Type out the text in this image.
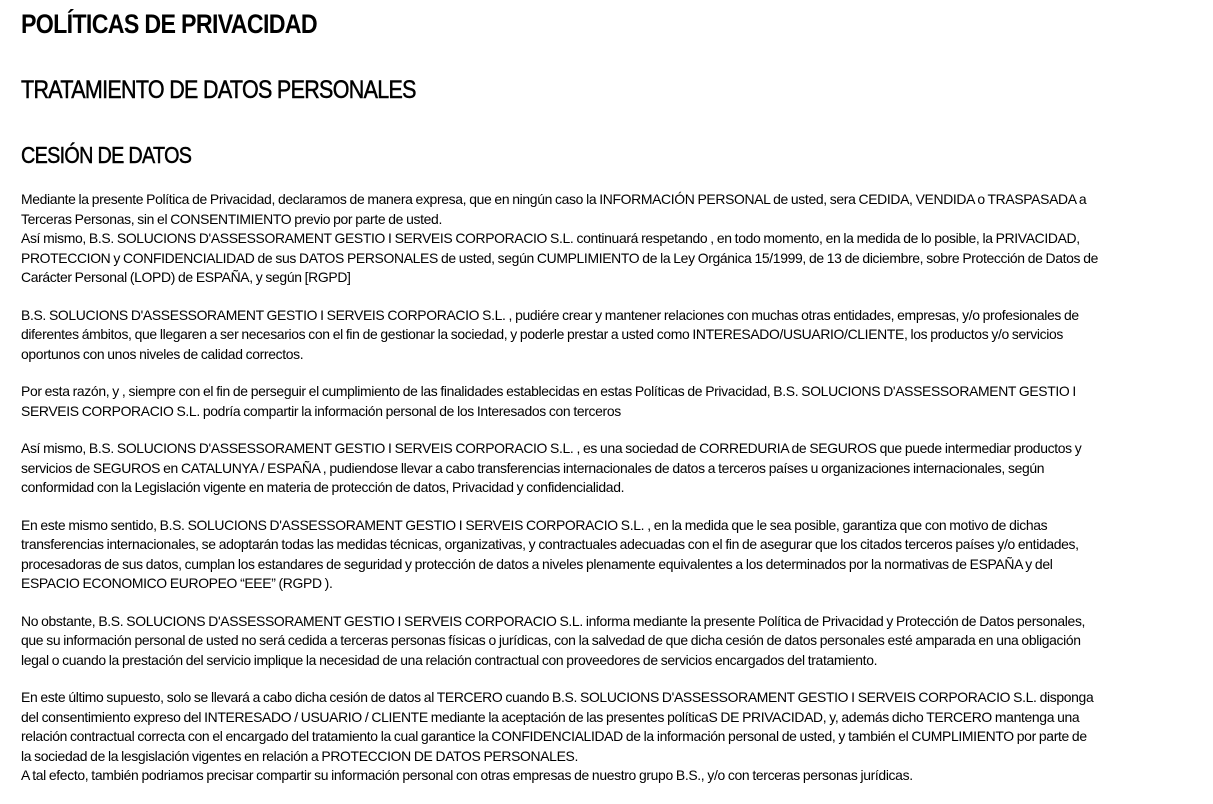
POLÍTICAS DE PRIVACIDAD
TRATAMIENTO DE DATOS PERSONALES
CESIÓN DE DATOS

Mediante la presente Política de Privacidad, declaramos de manera expresa, que en ningún caso la INFORMACIÓN PERSONAL de usted, sera CEDIDA, VENDIDA o TRASPASADA a
Terceras Personas, sin el CONSENTIMIENTO previo por parte de usted.
Así mismo, B.S. SOLUCIONS D'ASSESSORAMENT GESTIO I SERVEIS CORPORACIO S.L. continuará respetando , en todo momento, en la medida de lo posible, la PRIVACIDAD,
PROTECCION y CONFIDENCIALIDAD de sus DATOS PERSONALES de usted, según CUMPLIMIENTO de la Ley Orgánica 15/1999, de 13 de diciembre, sobre Protección de Datos de
Carácter Personal (LOPD) de ESPAÑA, y según [RGPD]

B.S. SOLUCIONS D'ASSESSORAMENT GESTIO I SERVEIS CORPORACIO S.L. , pudiére crear y mantener relaciones con muchas otras entidades, empresas, y/o profesionales de
diferentes ámbitos, que llegaren a ser necesarios con el fin de gestionar la sociedad, y poderle prestar a usted como INTERESADO/USUARIO/CLIENTE, los productos y/o servicios
oportunos con unos niveles de calidad correctos.

Por esta razón, y , siempre con el fin de perseguir el cumplimiento de las finalidades establecidas en estas Políticas de Privacidad, B.S. SOLUCIONS D'ASSESSORAMENT GESTIO I
SERVEIS CORPORACIO S.L. podría compartir la información personal de los Interesados con terceros

Así mismo, B.S. SOLUCIONS D'ASSESSORAMENT GESTIO I SERVEIS CORPORACIO S.L. , es una sociedad de CORREDURIA de SEGUROS que puede intermediar productos y
servicios de SEGUROS en CATALUNYA / ESPAÑA , pudiendose llevar a cabo transferencias internacionales de datos a terceros países u organizaciones internacionales, según
conformidad con la Legislación vigente en materia de protección de datos, Privacidad y confidencialidad.

En este mismo sentido, B.S. SOLUCIONS D'ASSESSORAMENT GESTIO I SERVEIS CORPORACIO S.L. , en la medida que le sea posible, garantiza que con motivo de dichas
transferencias internacionales, se adoptarán todas las medidas técnicas, organizativas, y contractuales adecuadas con el fin de asegurar que los citados terceros países y/o entidades,
procesadoras de sus datos, cumplan los estandares de seguridad y protección de datos a niveles plenamente equivalentes a los determinados por la normativas de ESPAÑA y del
ESPACIO ECONOMICO EUROPEO “EEE” (RGPD ).

No obstante, B.S. SOLUCIONS D'ASSESSORAMENT GESTIO I SERVEIS CORPORACIO S.L. informa mediante la presente Política de Privacidad y Protección de Datos personales,
que su información personal de usted no será cedida a terceras personas físicas o jurídicas, con la salvedad de que dicha cesión de datos personales esté amparada en una obligación
legal o cuando la prestación del servicio implique la necesidad de una relación contractual con proveedores de servicios encargados del tratamiento.

En este último supuesto, solo se llevará a cabo dicha cesión de datos al TERCERO cuando B.S. SOLUCIONS D'ASSESSORAMENT GESTIO I SERVEIS CORPORACIO S.L. disponga
del consentimiento expreso del INTERESADO / USUARIO / CLIENTE mediante la aceptación de las presentes políticaS DE PRIVACIDAD, y, además dicho TERCERO mantenga una
relación contractual correcta con el encargado del tratamiento la cual garantice la CONFIDENCIALIDAD de la información personal de usted, y también el CUMPLIMIENTO por parte de
la sociedad de la lesgislación vigentes en relación a PROTECCION DE DATOS PERSONALES.
A tal efecto, también podriamos precisar compartir su información personal con otras empresas de nuestro grupo B.S., y/o con terceras personas jurídicas.
